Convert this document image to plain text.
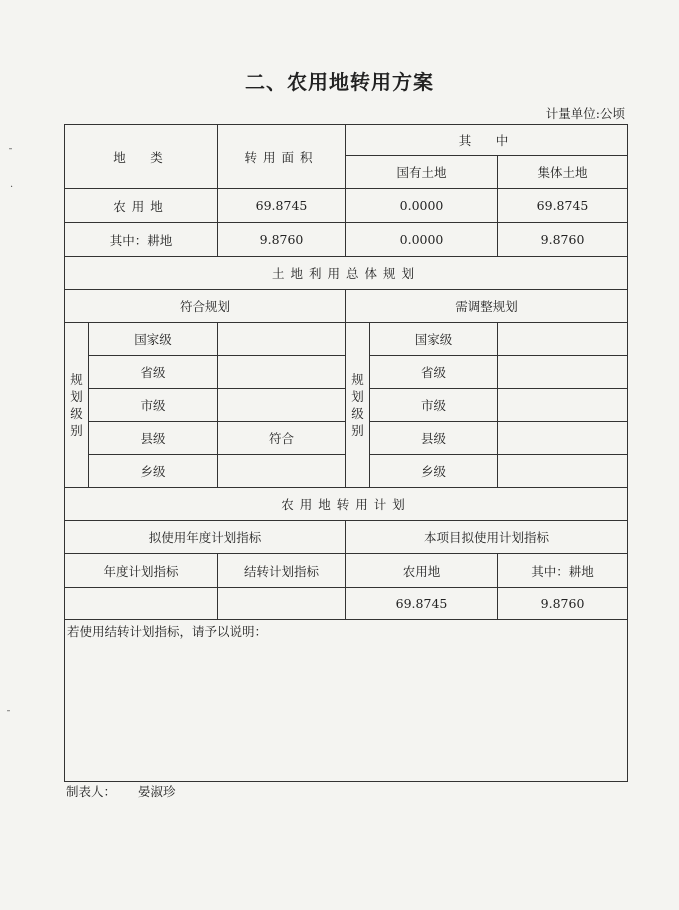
二、农用地转用方案
计量单位:公顷
地　类		转用面积	其　中		
			国有土地		集体土地
农用地		69.8745	0.0000		69.8745
其中：耕地		9.8760	0.0000		9.8760
土地利用总体规划					
符合规划			需调整规划		
规划级别	国家级		规划级别	国家级	
	省级			省级	
	市级			市级	
	县级	符合		县级	
	乡级			乡级	
农用地转用计划					
拟使用年度计划指标			本项目拟使用计划指标		
年度计划指标		结转计划指标	农用地		其中：耕地
			69.8745		9.8760
若使用结转计划指标，请予以说明：					
制表人： 晏淑珍
ˉ
·
ˉ
